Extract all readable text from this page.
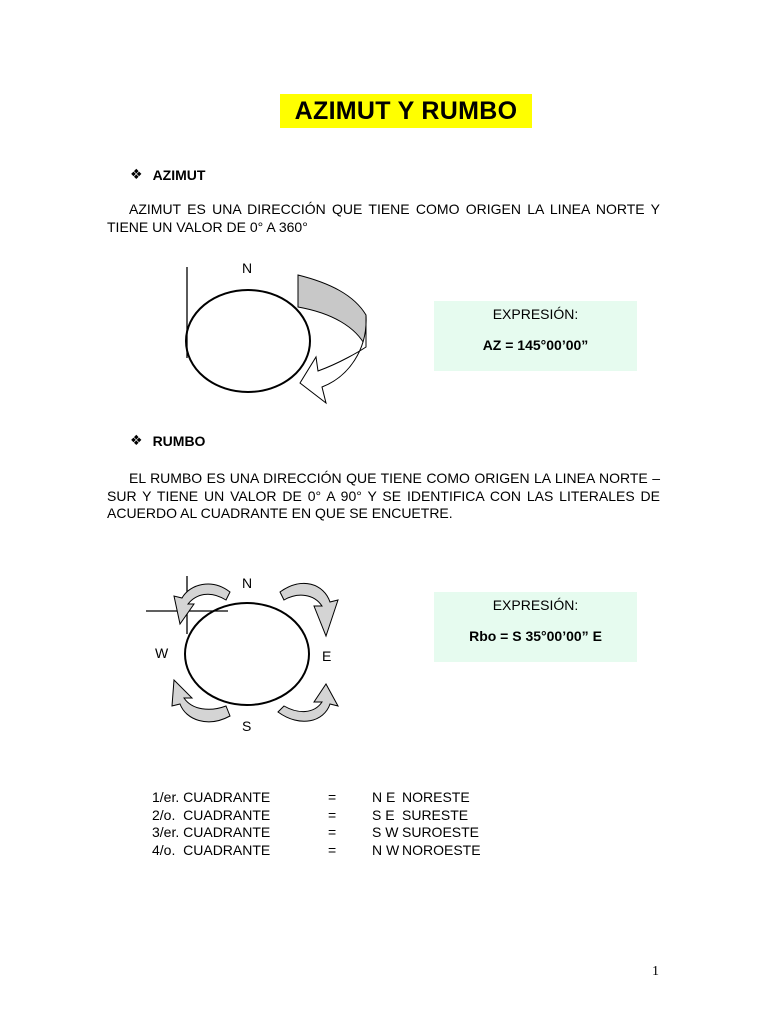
AZIMUT Y RUMBO
❖ AZIMUT
AZIMUT ES UNA DIRECCIÓN QUE TIENE COMO ORIGEN LA LINEA NORTE Y TIENE UN VALOR DE 0° A 360°
N
EXPRESIÓN:
AZ = 145°00’00”
❖ RUMBO
EL RUMBO ES UNA DIRECCIÓN QUE TIENE COMO ORIGEN LA LINEA NORTE – SUR Y TIENE UN VALOR DE 0° A 90° Y SE IDENTIFICA CON LAS LITERALES DE ACUERDO AL CUADRANTE EN QUE SE ENCUETRE.
N
W	E
S
EXPRESIÓN:
Rbo = S 35°00’00” E
1/er. CUADRANTE	=	N E	NORESTE
2/o.  CUADRANTE	=	S E	SURESTE
3/er. CUADRANTE	=	S W	SUROESTE
4/o.  CUADRANTE	=	N W	NOROESTE
1
